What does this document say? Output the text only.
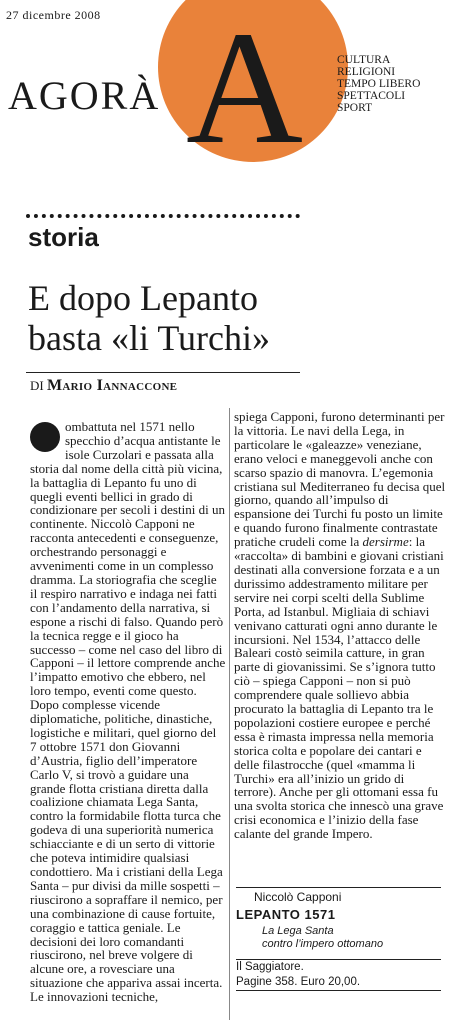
27 dicembre 2008 A
AGORÀ
CULTURA
RELIGIONI
TEMPO LIBERO
SPETTACOLI
SPORT
storia
E dopo Lepanto
basta «li Turchi»
DI Mario Iannaccone

ombattuta nel 1571 nello specchio d’acqua antistante le isole Curzolari e passata alla storia dal nome della città più vicina, la battaglia di Lepanto fu uno di quegli eventi bellici in grado di condizionare per secoli i destini di un continente. Niccolò Capponi ne racconta antecedenti e conseguenze, orchestrando personaggi e avvenimenti come in un complesso dramma. La storiografia che sceglie il respiro narrativo e indaga nei fatti con l’andamento della narrativa, si espone a rischi di falso. Quando però la tecnica regge e il gioco ha successo – come nel caso del libro di Capponi – il lettore comprende anche l’impatto emotivo che ebbero, nel loro tempo, eventi come questo. Dopo complesse vicende diplomatiche, politiche, dinastiche, logistiche e militari, quel giorno del 7 ottobre 1571 don Giovanni d’Austria, figlio dell’imperatore Carlo V, si trovò a guidare una grande flotta cristiana diretta dalla coalizione chiamata Lega Santa, contro la formidabile flotta turca che godeva di una superiorità numerica schiacciante e di un serto di vittorie che poteva intimidire qualsiasi condottiero. Ma i cristiani della Lega Santa – pur divisi da mille sospetti – riuscirono a sopraffare il nemico, per una combinazione di cause fortuite, coraggio e tattica geniale. Le decisioni dei loro comandanti riuscirono, nel breve volgere di alcune ore, a rovesciare una situazione che appariva assai incerta. Le innovazioni tecniche,

spiega Capponi, furono determinanti per la vittoria. Le navi della Lega, in particolare le «galeazze» veneziane, erano veloci e maneggevoli anche con scarso spazio di manovra. L’egemonia cristiana sul Mediterraneo fu decisa quel giorno, quando all’impulso di espansione dei Turchi fu posto un limite e quando furono finalmente contrastate pratiche crudeli come la dersirme: la «raccolta» di bambini e giovani cristiani destinati alla conversione forzata e a un durissimo addestramento militare per servire nei corpi scelti della Sublime Porta, ad Istanbul. Migliaia di schiavi venivano catturati ogni anno durante le incursioni. Nel 1534, l’attacco delle Baleari costò seimila catture, in gran parte di giovanissimi. Se s’ignora tutto ciò – spiega Capponi – non si può comprendere quale sollievo abbia procurato la battaglia di Lepanto tra le popolazioni costiere europee e perché essa è rimasta impressa nella memoria storica colta e popolare dei cantari e delle filastrocche (quel «mamma li Turchi» era all’inizio un grido di terrore). Anche per gli ottomani essa fu una svolta storica che innescò una grave crisi economica e l’inizio della fase calante del grande Impero.

Niccolò Capponi
LEPANTO 1571
La Lega Santa
contro l’impero ottomano
Il Saggiatore.
Pagine 358. Euro 20,00.
